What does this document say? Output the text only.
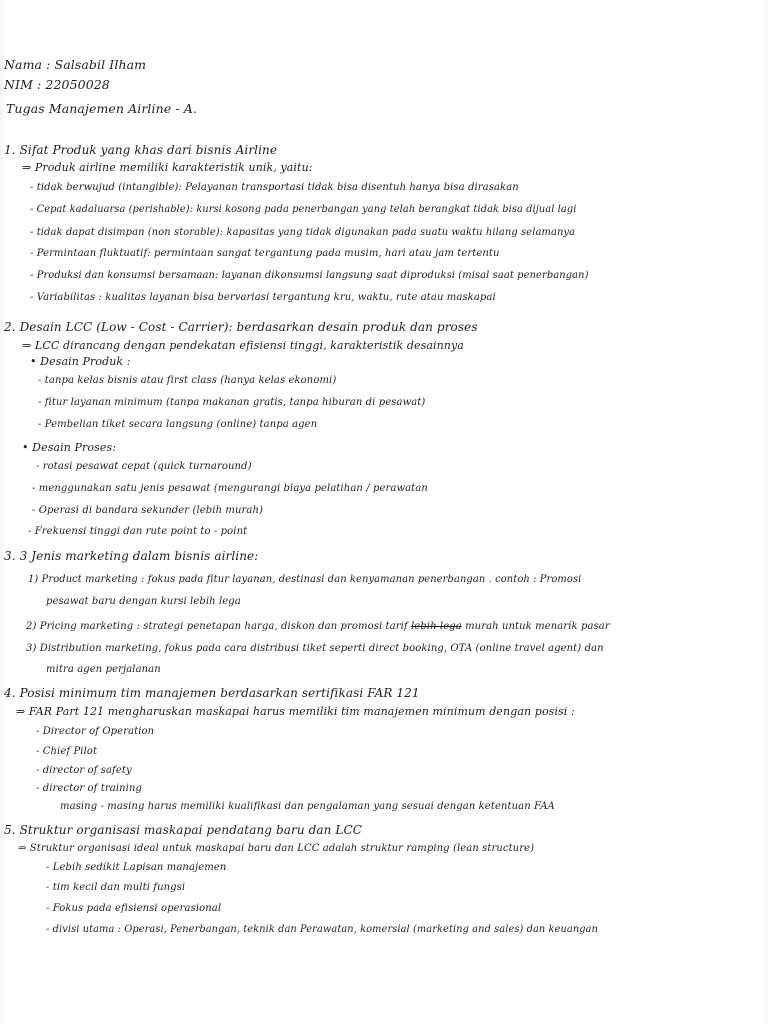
Nama : Salsabil Ilham
NIM : 22050028
Tugas Manajemen Airline - A.
1. Sifat Produk yang khas dari bisnis Airline
⇒ Produk airline memiliki karakteristik unik, yaitu:
- tidak berwujud (intangible): Pelayanan transportasi tidak bisa disentuh hanya bisa dirasakan
- Cepat kadaluarsa (perishable): kursi kosong pada penerbangan yang telah berangkat tidak bisa dijual lagi
- tidak dapat disimpan (non storable): kapasitas yang tidak digunakan pada suatu waktu hilang selamanya
- Permintaan fluktuatif: permintaan sangat tergantung pada musim, hari atau jam tertentu
- Produksi dan konsumsi bersamaan: layanan dikonsumsi langsung saat diproduksi (misal saat penerbangan)
- Variabilitas : kualitas layanan bisa bervariasi tergantung kru, waktu, rute atau maskapai
2. Desain LCC (Low - Cost - Carrier): berdasarkan desain produk dan proses
⇒ LCC dirancang dengan pendekatan efisiensi tinggi, karakteristik desainnya
• Desain Produk :
- tanpa kelas bisnis atau first class (hanya kelas ekonomi)
- fitur layanan minimum (tanpa makanan gratis, tanpa hiburan di pesawat)
- Pembelian tiket secara langsung (online) tanpa agen
• Desain Proses:
- rotasi pesawat cepat (quick turnaround)
- menggunakan satu jenis pesawat (mengurangi biaya pelatihan / perawatan
- Operasi di bandara sekunder (lebih murah)
- Frekuensi tinggi dan rute point to - point
3. 3 Jenis marketing dalam bisnis airline:
1) Product marketing : fokus pada fitur layanan, destinasi dan kenyamanan penerbangan . contoh : Promosi
pesawat baru dengan kursi lebih lega
2) Pricing marketing : strategi penetapan harga, diskon dan promosi tarif lebih lega murah untuk menarik pasar
3) Distribution marketing, fokus pada cara distribusi tiket seperti direct booking, OTA (online travel agent) dan
mitra agen perjalanan
4. Posisi minimum tim manajemen berdasarkan sertifikasi FAR 121
⇒ FAR Part 121 mengharuskan maskapai harus memiliki tim manajemen minimum dengan posisi :
- Director of Operation
- Chief Pilot
- director of safety
- director of training
masing - masing harus memiliki kualifikasi dan pengalaman yang sesuai dengan ketentuan FAA
5. Struktur organisasi maskapai pendatang baru dan LCC
⇒ Struktur organisasi ideal untuk maskapai baru dan LCC adalah struktur ramping (lean structure)
- Lebih sedikit Lapisan manajemen
- tim kecil dan multi fungsi
- Fokus pada efisiensi operasional
- divisi utama : Operasi, Penerbangan, teknik dan Perawatan, komersial (marketing and sales) dan keuangan
